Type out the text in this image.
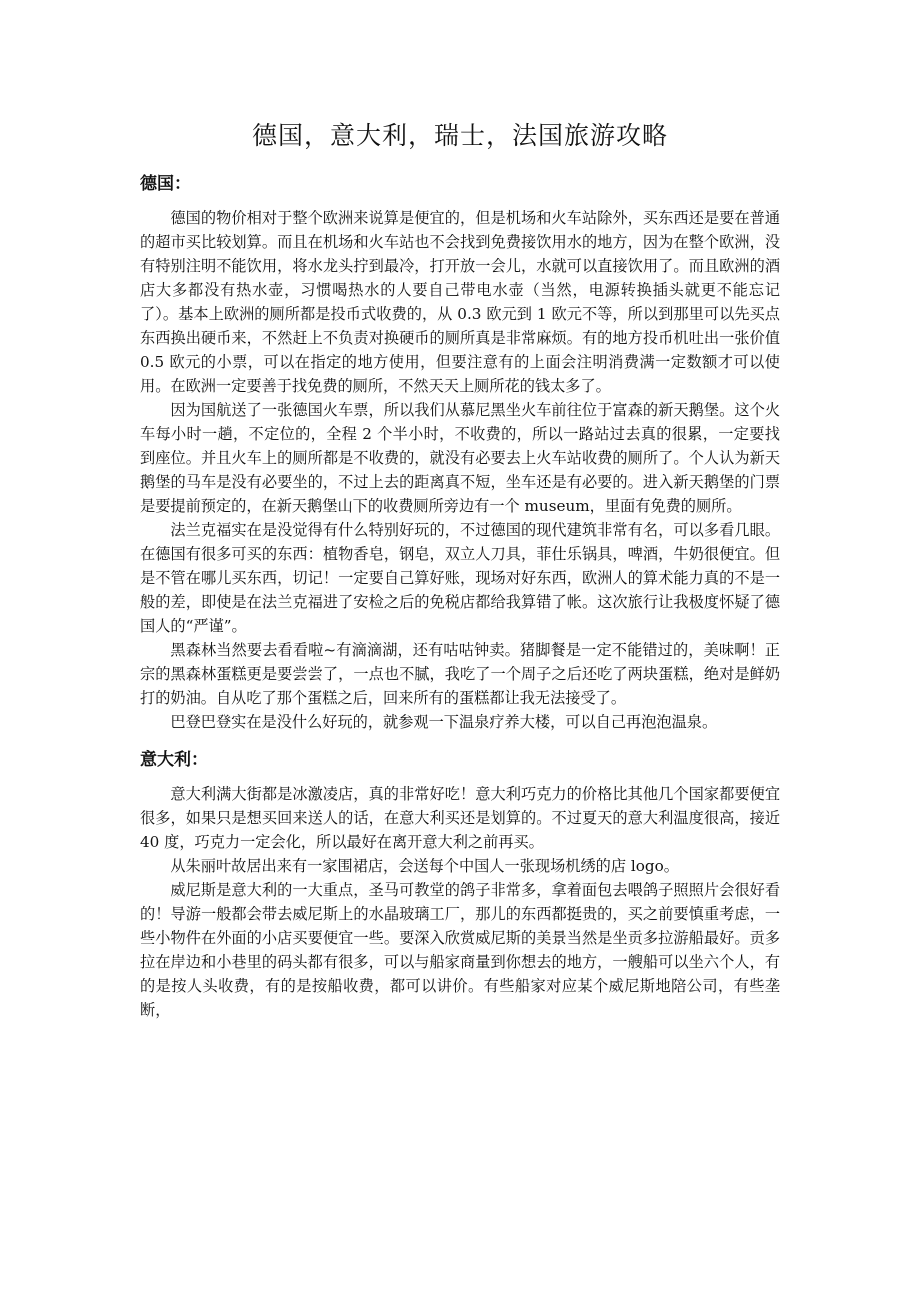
德国，意大利，瑞士，法国旅游攻略
德国：

德国的物价相对于整个欧洲来说算是便宜的，但是机场和火车站除外，买东西还是要在普通的超市买比较划算。而且在机场和火车站也不会找到免费接饮用水的地方，因为在整个欧洲，没有特别注明不能饮用，将水龙头拧到最冷，打开放一会儿，水就可以直接饮用了。而且欧洲的酒店大多都没有热水壶，习惯喝热水的人要自己带电水壶（当然，电源转换插头就更不能忘记了）。基本上欧洲的厕所都是投币式收费的，从 0.3 欧元到 1 欧元不等，所以到那里可以先买点东西换出硬币来，不然赶上不负责对换硬币的厕所真是非常麻烦。有的地方投币机吐出一张价值 0.5 欧元的小票，可以在指定的地方使用，但要注意有的上面会注明消费满一定数额才可以使用。在欧洲一定要善于找免费的厕所，不然天天上厕所花的钱太多了。

因为国航送了一张德国火车票，所以我们从慕尼黑坐火车前往位于富森的新天鹅堡。这个火车每小时一趟，不定位的，全程 2 个半小时，不收费的，所以一路站过去真的很累，一定要找到座位。并且火车上的厕所都是不收费的，就没有必要去上火车站收费的厕所了。个人认为新天鹅堡的马车是没有必要坐的，不过上去的距离真不短，坐车还是有必要的。进入新天鹅堡的门票是要提前预定的，在新天鹅堡山下的收费厕所旁边有一个 museum，里面有免费的厕所。

法兰克福实在是没觉得有什么特别好玩的，不过德国的现代建筑非常有名，可以多看几眼。在德国有很多可买的东西：植物香皂，钢皂，双立人刀具，菲仕乐锅具，啤酒，牛奶很便宜。但是不管在哪儿买东西，切记！一定要自己算好账，现场对好东西，欧洲人的算术能力真的不是一般的差，即使是在法兰克福进了安检之后的免税店都给我算错了帐。这次旅行让我极度怀疑了德国人的“严谨”。

黑森林当然要去看看啦~有滴滴湖，还有咕咕钟卖。猪脚餐是一定不能错过的，美味啊！正宗的黑森林蛋糕更是要尝尝了，一点也不腻，我吃了一个周子之后还吃了两块蛋糕，绝对是鲜奶打的奶油。自从吃了那个蛋糕之后，回来所有的蛋糕都让我无法接受了。

巴登巴登实在是没什么好玩的，就参观一下温泉疗养大楼，可以自己再泡泡温泉。

意大利：

意大利满大街都是冰激凌店，真的非常好吃！意大利巧克力的价格比其他几个国家都要便宜很多，如果只是想买回来送人的话，在意大利买还是划算的。不过夏天的意大利温度很高，接近 40 度，巧克力一定会化，所以最好在离开意大利之前再买。

从朱丽叶故居出来有一家围裙店，会送每个中国人一张现场机绣的店 logo。

威尼斯是意大利的一大重点，圣马可教堂的鸽子非常多，拿着面包去喂鸽子照照片会很好看的！导游一般都会带去威尼斯上的水晶玻璃工厂，那儿的东西都挺贵的，买之前要慎重考虑，一些小物件在外面的小店买要便宜一些。要深入欣赏威尼斯的美景当然是坐贡多拉游船最好。贡多拉在岸边和小巷里的码头都有很多，可以与船家商量到你想去的地方，一艘船可以坐六个人，有的是按人头收费，有的是按船收费，都可以讲价。有些船家对应某个威尼斯地陪公司，有些垄断，
